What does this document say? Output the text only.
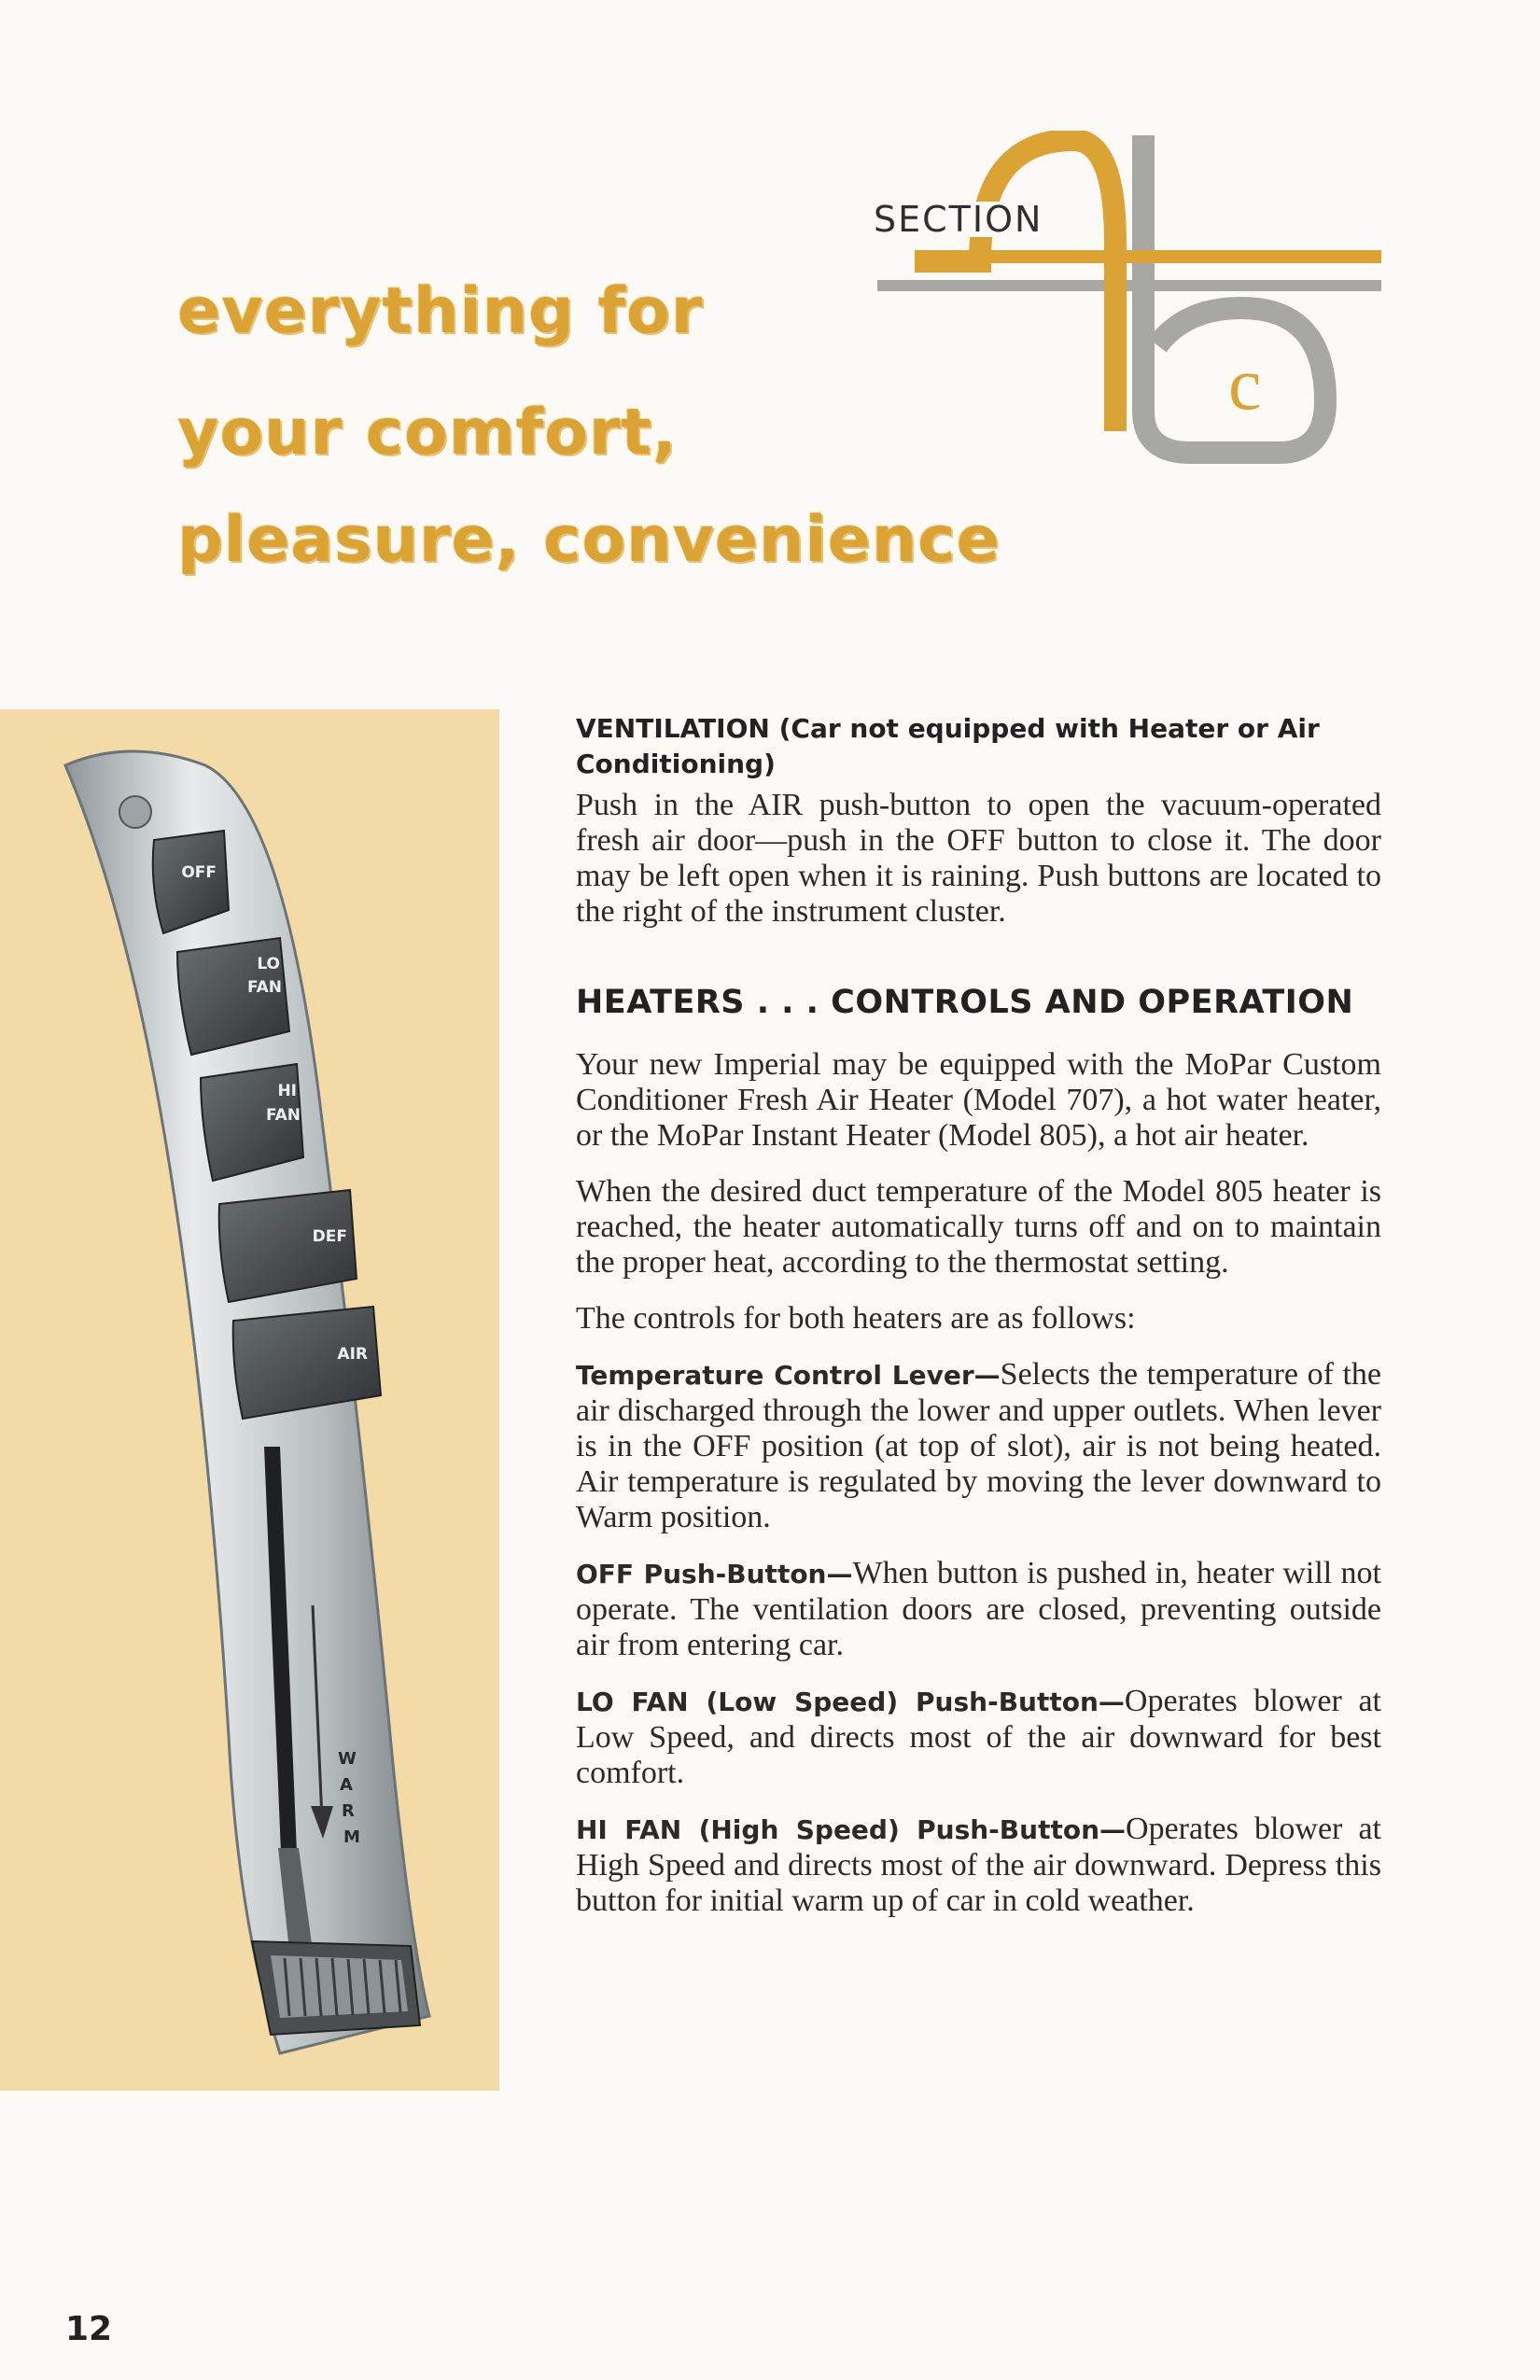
everything for
your comfort,
pleasure, convenience

SECTION

c

OFF
LO
FAN
HI
FAN
DEF
AIR
W
A
R
M
VENTILATION (Car not equipped with Heater or Air Conditioning)

Push in the AIR push-button to open the vacuum-operated fresh air door—push in the OFF button to close it. The door may be left open when it is raining. Push buttons are located to the right of the instrument cluster.

HEATERS . . . CONTROLS AND OPERATION

Your new Imperial may be equipped with the MoPar Custom Conditioner Fresh Air Heater (Model 707), a hot water heater, or the MoPar Instant Heater (Model 805), a hot air heater.

When the desired duct temperature of the Model 805 heater is reached, the heater automatically turns off and on to maintain the proper heat, according to the thermostat setting.

The controls for both heaters are as follows:

Temperature Control Lever—Selects the temperature of the air discharged through the lower and upper outlets. When lever is in the OFF position (at top of slot), air is not being heated. Air temperature is regulated by moving the lever downward to Warm position.

OFF Push-Button—When button is pushed in, heater will not operate. The ventilation doors are closed, preventing outside air from entering car.

LO FAN (Low Speed) Push-Button—Operates blower at Low Speed, and directs most of the air downward for best comfort.

HI FAN (High Speed) Push-Button—Operates blower at High Speed and directs most of the air downward. Depress this button for initial warm up of car in cold weather.

12
